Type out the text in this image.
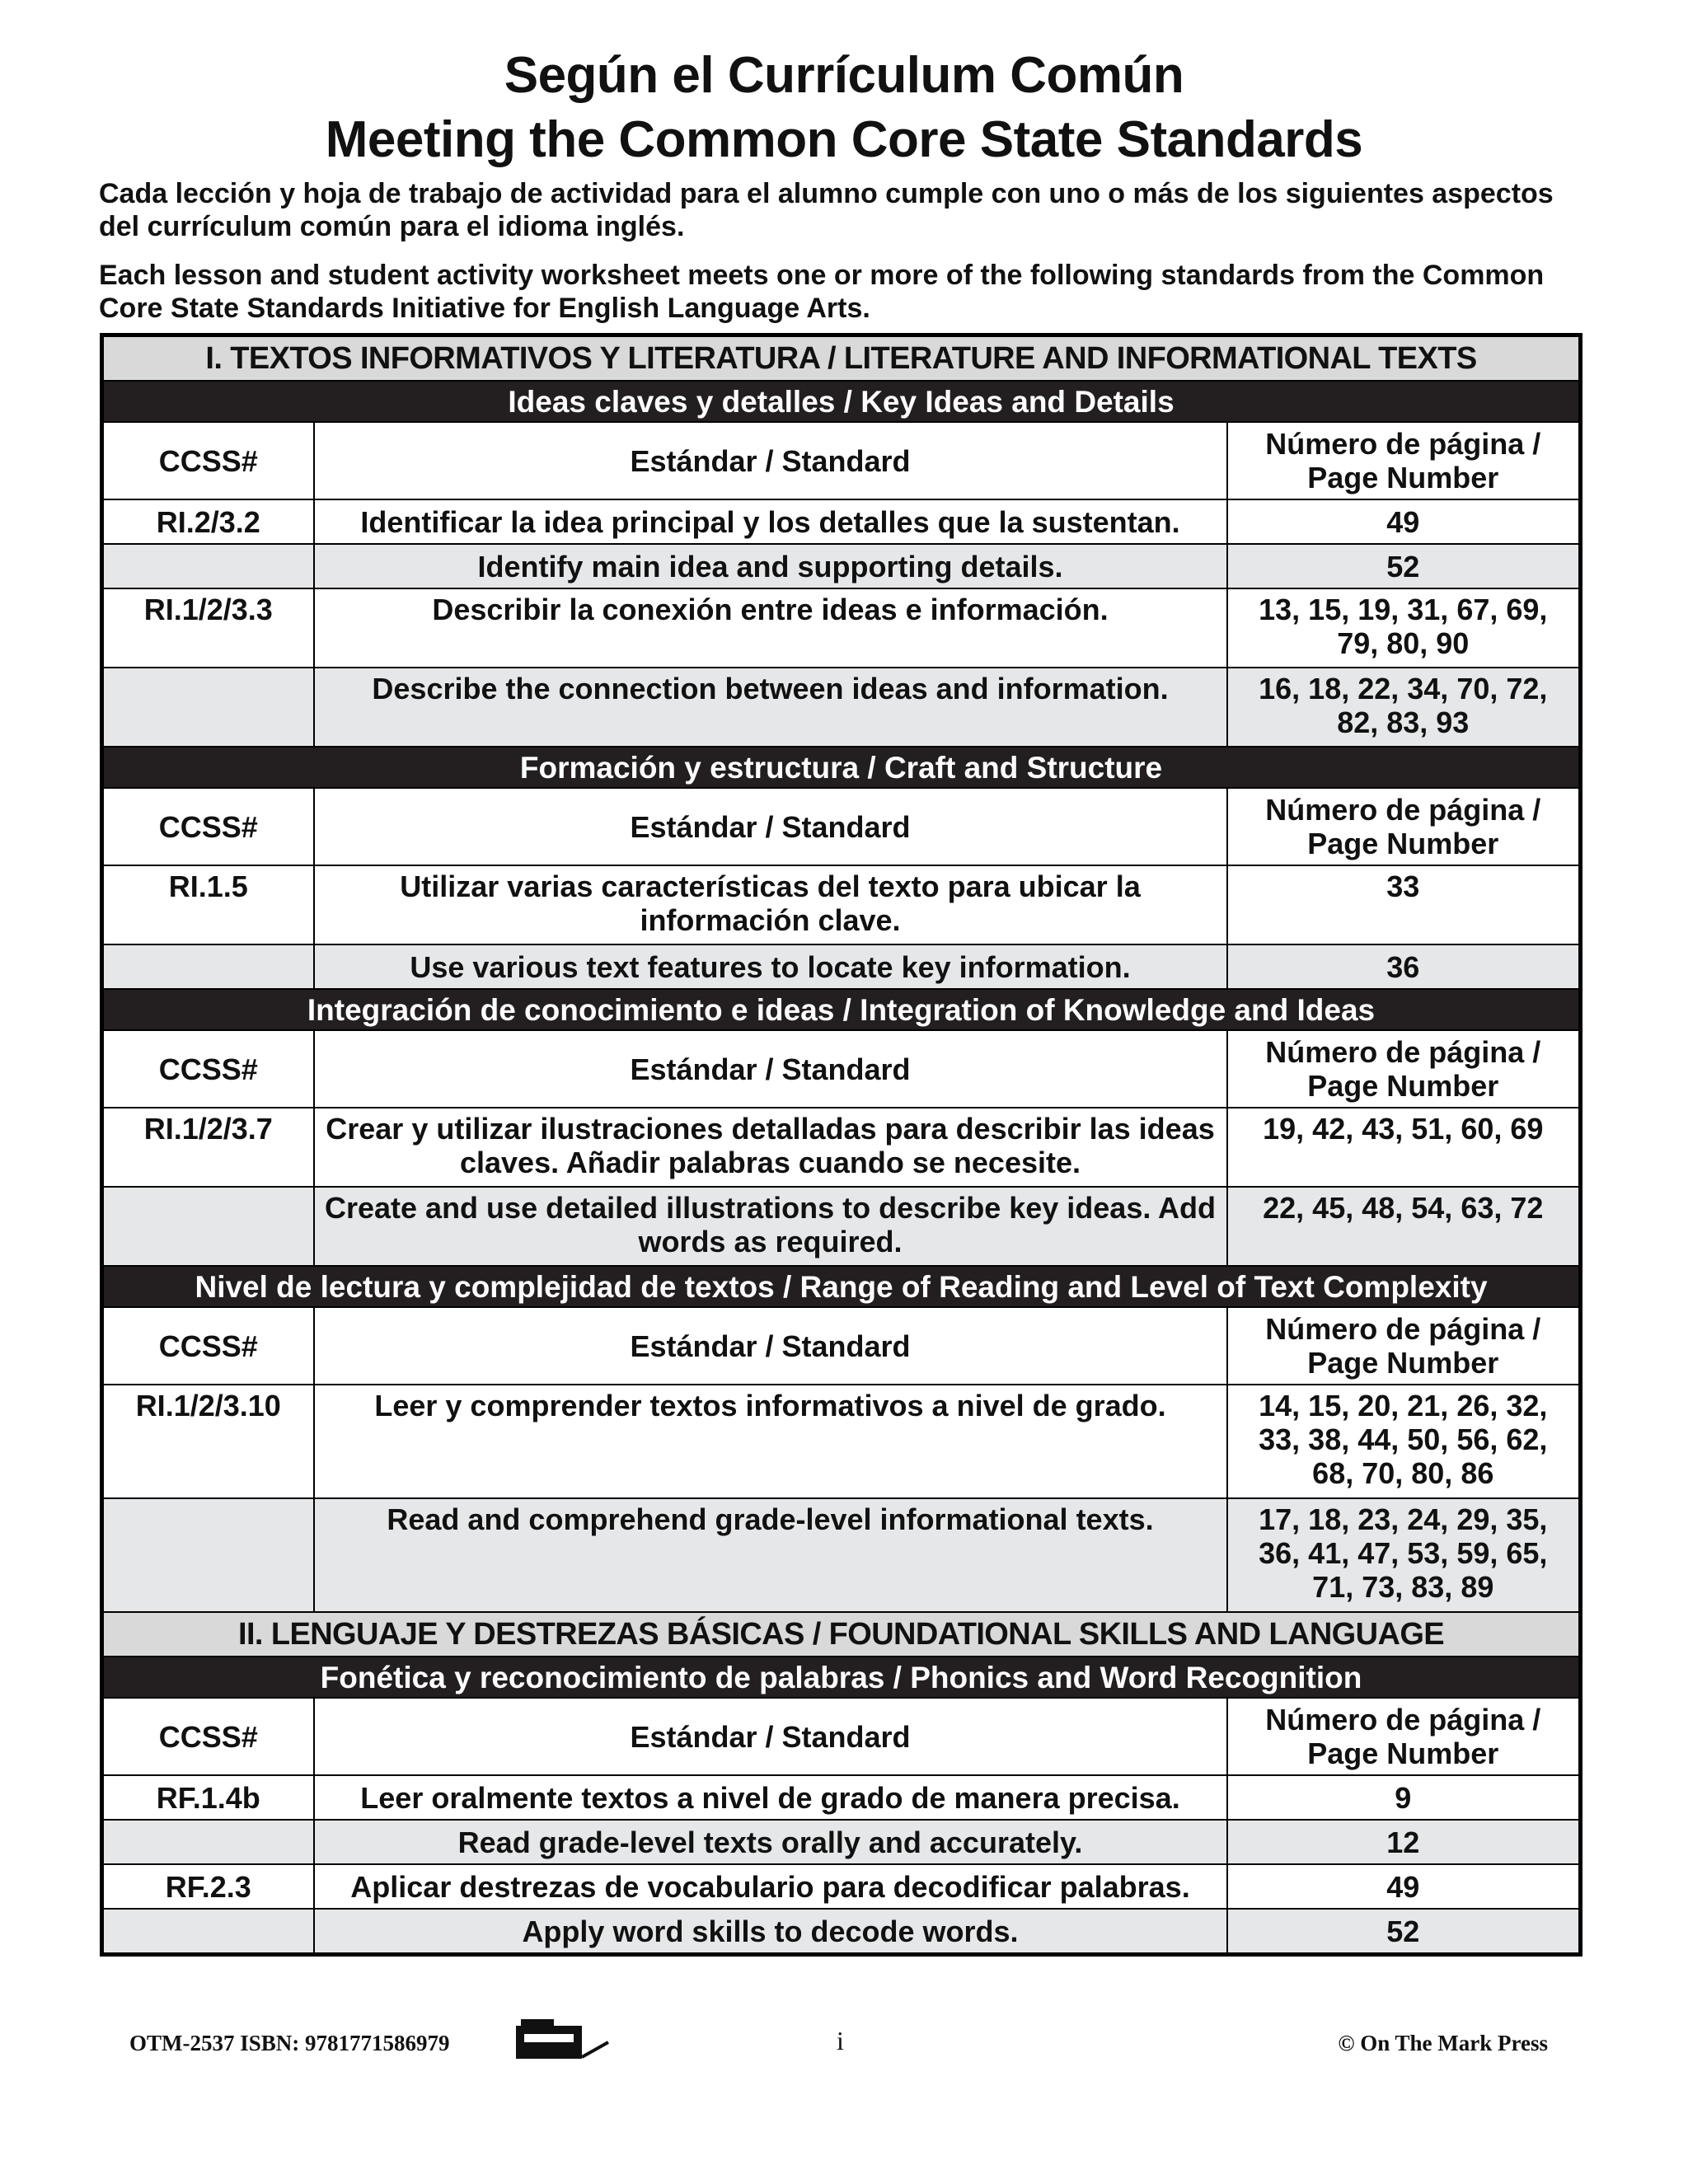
Según el Currículum Común
Meeting the Common Core State Standards

Cada lección y hoja de trabajo de actividad para el alumno cumple con uno o más de los siguientes aspectos del currículum común para el idioma inglés.

Each lesson and student activity worksheet meets one or more of the following standards from the Common Core State Standards Initiative for English Language Arts.

I. TEXTOS INFORMATIVOS Y LITERATURA / LITERATURE AND INFORMATIONAL TEXTS		
Ideas claves y detalles / Key Ideas and Details		
CCSS#	Estándar / Standard	Número de página /
Page Number
RI.2/3.2	Identificar la idea principal y los detalles que la sustentan.	49
	Identify main idea and supporting details.	52
RI.1/2/3.3	Describir la conexión entre ideas e información.	13, 15, 19, 31, 67, 69, 79, 80, 90
	Describe the connection between ideas and information.	16, 18, 22, 34, 70, 72, 82, 83, 93
Formación y estructura / Craft and Structure		
CCSS#	Estándar / Standard	Número de página /
Page Number
RI.1.5	Utilizar varias características del texto para ubicar la información clave.	33
	Use various text features to locate key information.	36
Integración de conocimiento e ideas / Integration of Knowledge and Ideas		
CCSS#	Estándar / Standard	Número de página /
Page Number
RI.1/2/3.7	Crear y utilizar ilustraciones detalladas para describir las ideas claves. Añadir palabras cuando se necesite.	19, 42, 43, 51, 60, 69
	Create and use detailed illustrations to describe key ideas. Add words as required.	22, 45, 48, 54, 63, 72
Nivel de lectura y complejidad de textos / Range of Reading and Level of Text Complexity		
CCSS#	Estándar / Standard	Número de página /
Page Number
RI.1/2/3.10	Leer y comprender textos informativos a nivel de grado.	14, 15, 20, 21, 26, 32, 33, 38, 44, 50, 56, 62, 68, 70, 80, 86
	Read and comprehend grade-level informational texts.	17, 18, 23, 24, 29, 35, 36, 41, 47, 53, 59, 65, 71, 73, 83, 89
II. LENGUAJE Y DESTREZAS BÁSICAS / FOUNDATIONAL SKILLS AND LANGUAGE		
Fonética y reconocimiento de palabras / Phonics and Word Recognition		
CCSS#	Estándar / Standard	Número de página /
Page Number
RF.1.4b	Leer oralmente textos a nivel de grado de manera precisa.	9
	Read grade-level texts orally and accurately.	12
RF.2.3	Aplicar destrezas de vocabulario para decodificar palabras.	49
	Apply word skills to decode words.	52
OTM-2537 ISBN: 9781771586979	i	© On The Mark Press
